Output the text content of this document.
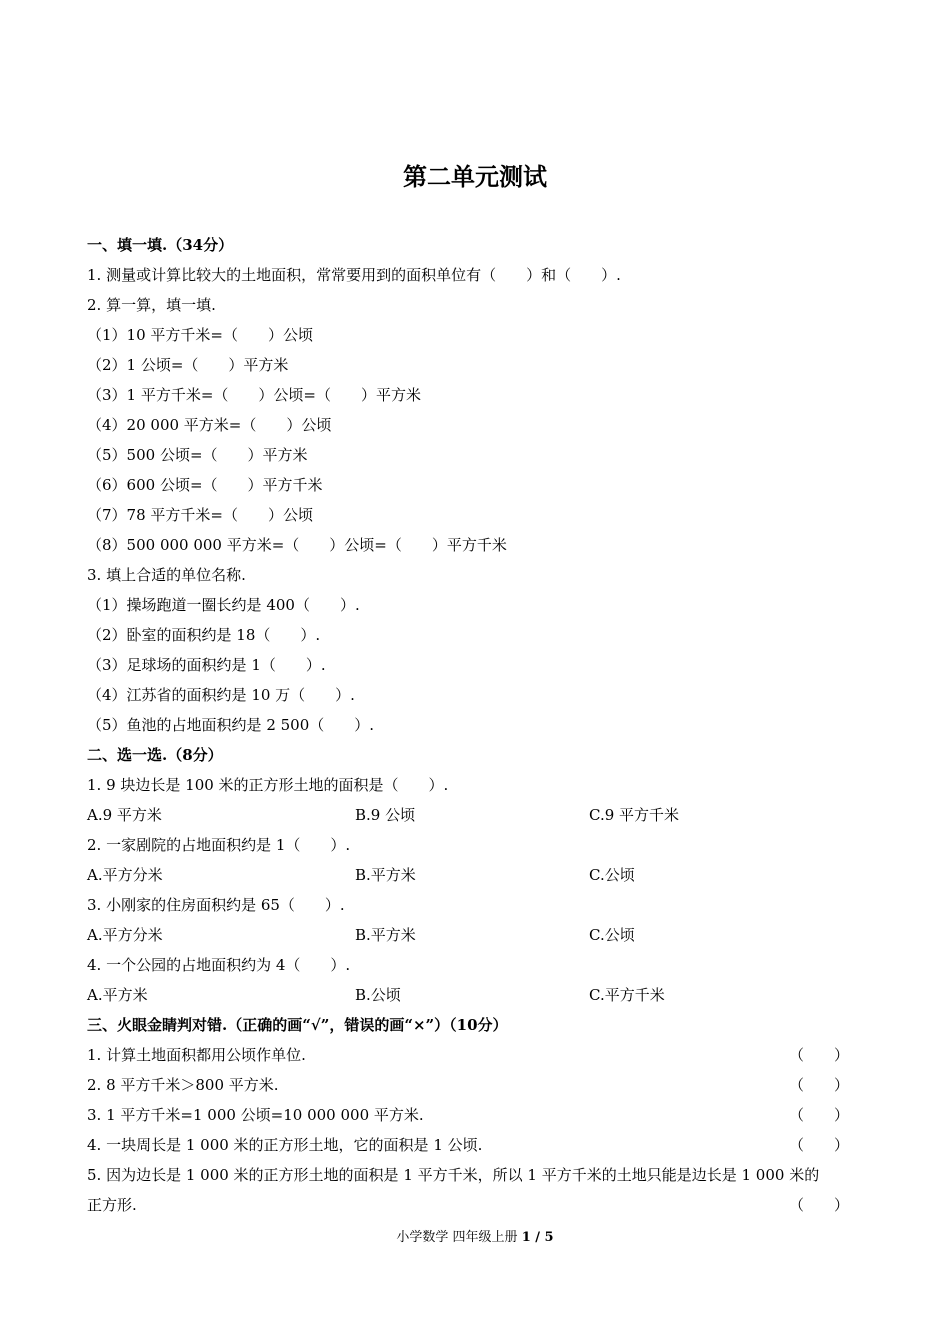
第二单元测试
一、填一填.（34分）
1. 测量或计算比较大的土地面积，常常要用到的面积单位有（　　）和（　　）.
2. 算一算，填一填.
（1）10 平方千米=（　　）公顷
（2）1 公顷=（　　）平方米
（3）1 平方千米=（　　）公顷=（　　）平方米
（4）20 000 平方米=（　　）公顷
（5）500 公顷=（　　）平方米
（6）600 公顷=（　　）平方千米
（7）78 平方千米=（　　）公顷
（8）500 000 000 平方米=（　　）公顷=（　　）平方千米
3. 填上合适的单位名称.
（1）操场跑道一圈长约是 400（　　）.
（2）卧室的面积约是 18（　　）.
（3）足球场的面积约是 1（　　）.
（4）江苏省的面积约是 10 万（　　）.
（5）鱼池的占地面积约是 2 500（　　）.
二、选一选.（8分）
1. 9 块边长是 100 米的正方形土地的面积是（　　）.
A.9 平方米	B.9 公顷	C.9 平方千米
2. 一家剧院的占地面积约是 1（　　）.
A.平方分米	B.平方米	C.公顷
3. 小刚家的住房面积约是 65（　　）.
A.平方分米	B.平方米	C.公顷
4. 一个公园的占地面积约为 4（　　）.
A.平方米	B.公顷	C.平方千米
三、火眼金睛判对错.（正确的画“√”，错误的画“×”）（10分）
1. 计算土地面积都用公顷作单位.	（　　）
2. 8 平方千米＞800 平方米.	（　　）
3. 1 平方千米=1 000 公顷=10 000 000 平方米.	（　　）
4. 一块周长是 1 000 米的正方形土地，它的面积是 1 公顷.	（　　）
5. 因为边长是 1 000 米的正方形土地的面积是 1 平方千米，所以 1 平方千米的土地只能是边长是 1 000 米的
正方形.	（　　）
小学数学 四年级上册 1 / 5
